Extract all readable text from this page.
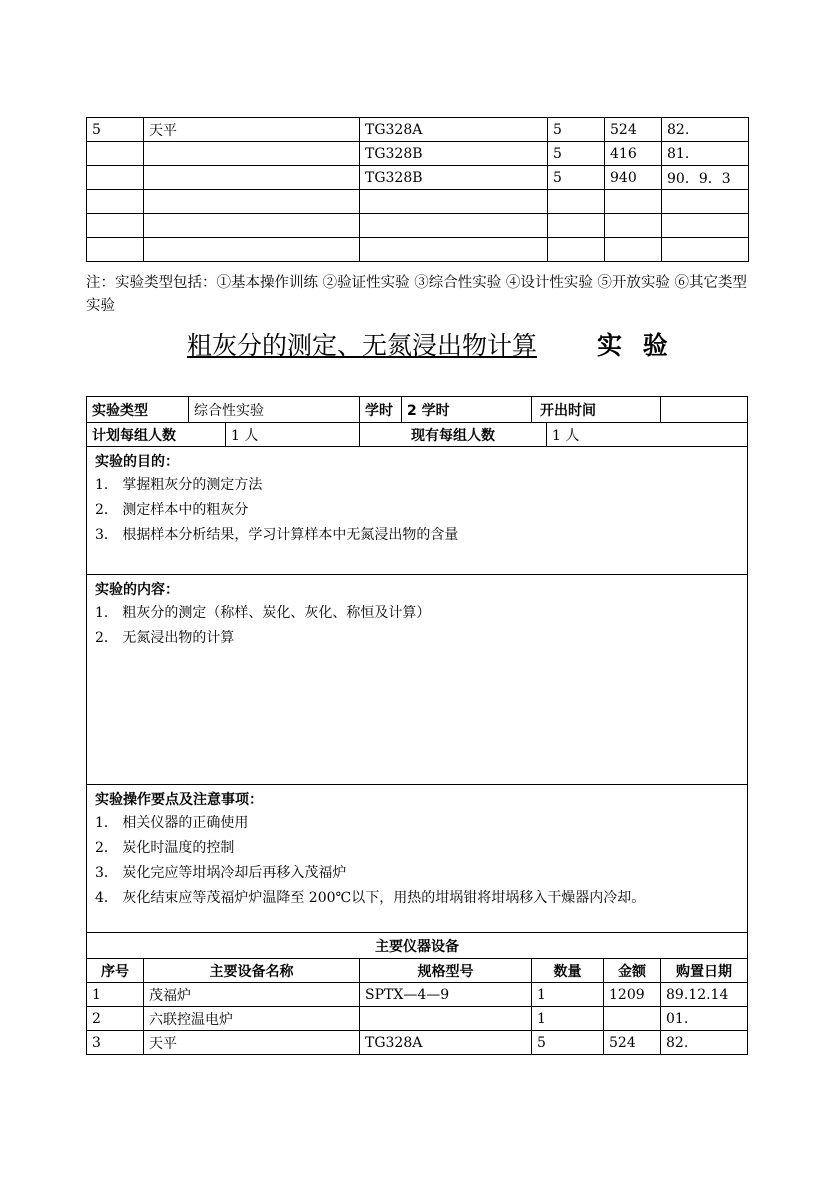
5	天平	TG328A	5	524	82.
		TG328B	5	416	81.
		TG328B	5	940	90．9．3

注：实验类型包括：①基本操作训练 ②验证性实验 ③综合性实验 ④设计性实验 ⑤开放实验 ⑥其它类型实验
粗灰分的测定、无氮浸出物计算 实 验
实验类型		综合性实验		学时	2 学时	开出时间			
计划每组人数			1 人	现有每组人数			1 人		

实验的目的：
1． 掌握粗灰分的测定方法
2． 测定样本中的粗灰分
3． 根据样本分析结果，学习计算样本中无氮浸出物的含量									

实验的内容：
1． 粗灰分的测定（称样、炭化、灰化、称恒及计算）
2． 无氮浸出物的计算									

实验操作要点及注意事项：
1． 相关仪器的正确使用
2． 炭化时温度的控制
3． 炭化完应等坩埚冷却后再移入茂福炉
4． 灰化结束应等茂福炉炉温降至 200℃以下，用热的坩埚钳将坩埚移入干燥器内冷却。									

主要仪器设备									
序号	主要设备名称			规格型号		数量		金额	购置日期
1	茂福炉			SPTX—4—9		1		1209	89.12.14
2	六联控温电炉					1			01.
3	天平			TG328A		5		524	82.
